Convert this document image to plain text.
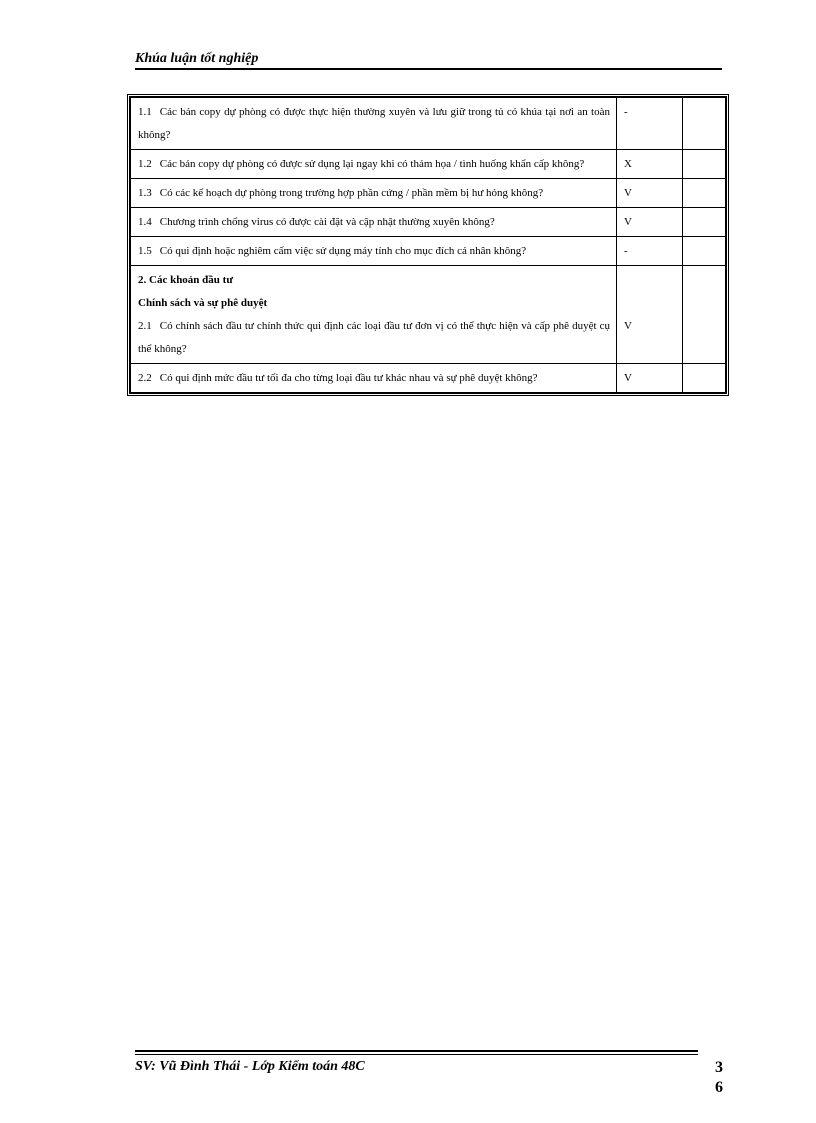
Khúa luận tốt nghiệp
1.1 Các bản copy dự phòng có được thực hiện thường xuyên và lưu giữ trong tủ có khúa tại nơi an toàn không?	-	
1.2 Các bản copy dự phòng có được sử dụng lại ngay khi có thảm họa / tình huống khẩn cấp không?	X	
1.3 Có các kế hoạch dự phòng trong trường hợp phần cứng / phần mềm bị hư hỏng không?	V	
1.4 Chương trình chống virus có được cài đặt và cập nhật thường xuyên không?	V	
1.5 Có qui định hoặc nghiêm cấm việc sử dụng máy tính cho mục đích cá nhân không?	-	

2. Các khoản đầu tư
Chính sách và sự phê duyệt
2.1 Có chính sách đầu tư chính thức qui định các loại đầu tư đơn vị có thể thực hiện và cấp phê duyệt cụ thể không?	V	

2.2 Có qui định mức đầu tư tối đa cho từng loại đầu tư khác nhau và sự phê duyệt không?	V	
SV: Vũ Đình Thái - Lớp Kiểm toán 48C	3
6
